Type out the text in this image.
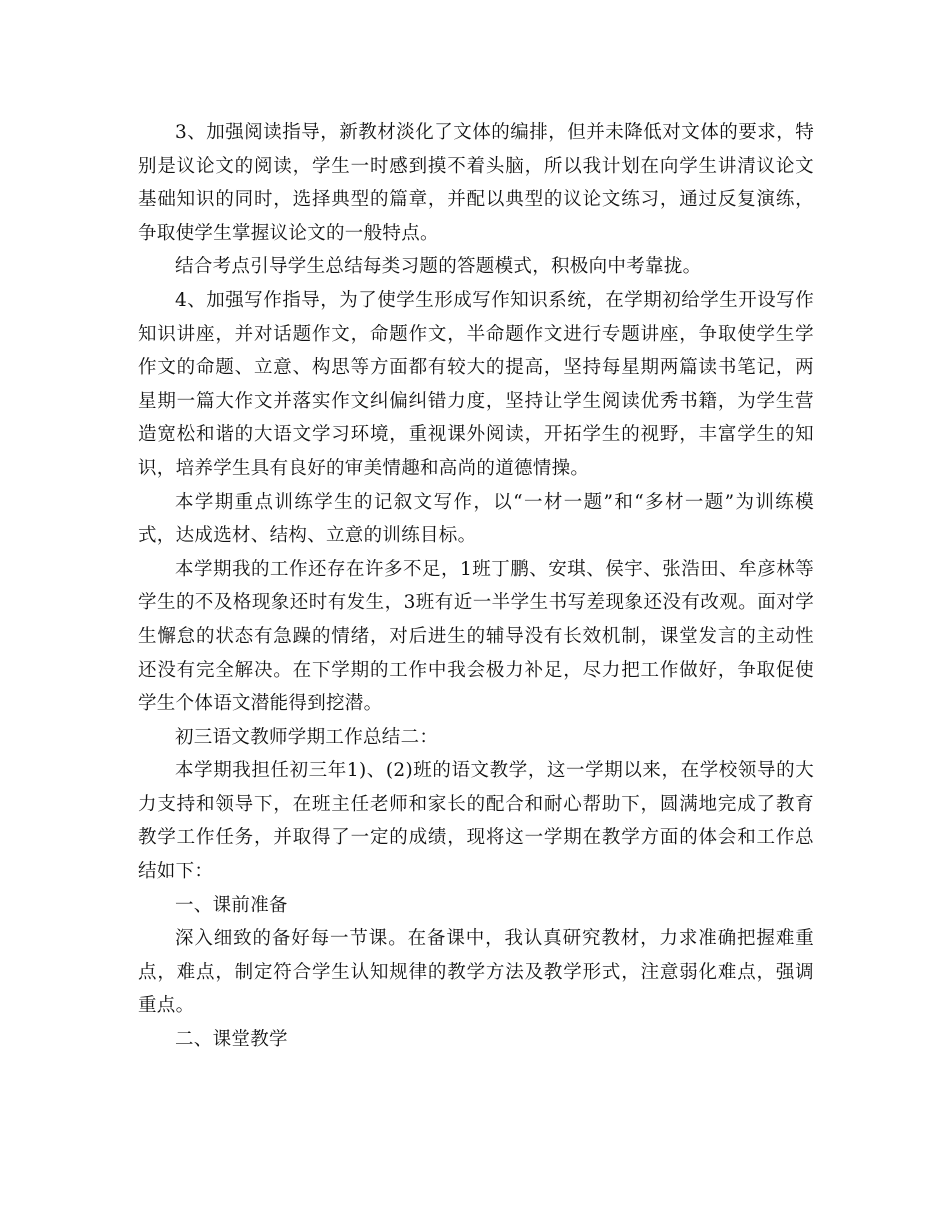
3、加强阅读指导，新教材淡化了文体的编排，但并未降低对文体的要求，特别是议论文的阅读，学生一时感到摸不着头脑，所以我计划在向学生讲清议论文基础知识的同时，选择典型的篇章，并配以典型的议论文练习，通过反复演练，争取使学生掌握议论文的一般特点。

结合考点引导学生总结每类习题的答题模式，积极向中考靠拢。

4、加强写作指导，为了使学生形成写作知识系统，在学期初给学生开设写作知识讲座，并对话题作文，命题作文，半命题作文进行专题讲座，争取使学生学作文的命题、立意、构思等方面都有较大的提高，坚持每星期两篇读书笔记，两星期一篇大作文并落实作文纠偏纠错力度，坚持让学生阅读优秀书籍，为学生营造宽松和谐的大语文学习环境，重视课外阅读，开拓学生的视野，丰富学生的知识，培养学生具有良好的审美情趣和高尚的道德情操。

本学期重点训练学生的记叙文写作，以“一材一题”和“多材一题”为训练模式，达成选材、结构、立意的训练目标。

本学期我的工作还存在许多不足，1班丁鹏、安琪、侯宇、张浩田、牟彦林等学生的不及格现象还时有发生，3班有近一半学生书写差现象还没有改观。面对学生懈怠的状态有急躁的情绪，对后进生的辅导没有长效机制，课堂发言的主动性还没有完全解决。在下学期的工作中我会极力补足，尽力把工作做好，争取促使学生个体语文潜能得到挖潜。

初三语文教师学期工作总结二：

本学期我担任初三年1)、(2)班的语文教学，这一学期以来，在学校领导的大力支持和领导下，在班主任老师和家长的配合和耐心帮助下，圆满地完成了教育教学工作任务，并取得了一定的成绩，现将这一学期在教学方面的体会和工作总结如下：

一、课前准备

深入细致的备好每一节课。在备课中，我认真研究教材，力求准确把握难重点，难点，制定符合学生认知规律的教学方法及教学形式，注意弱化难点，强调重点。

二、课堂教学
